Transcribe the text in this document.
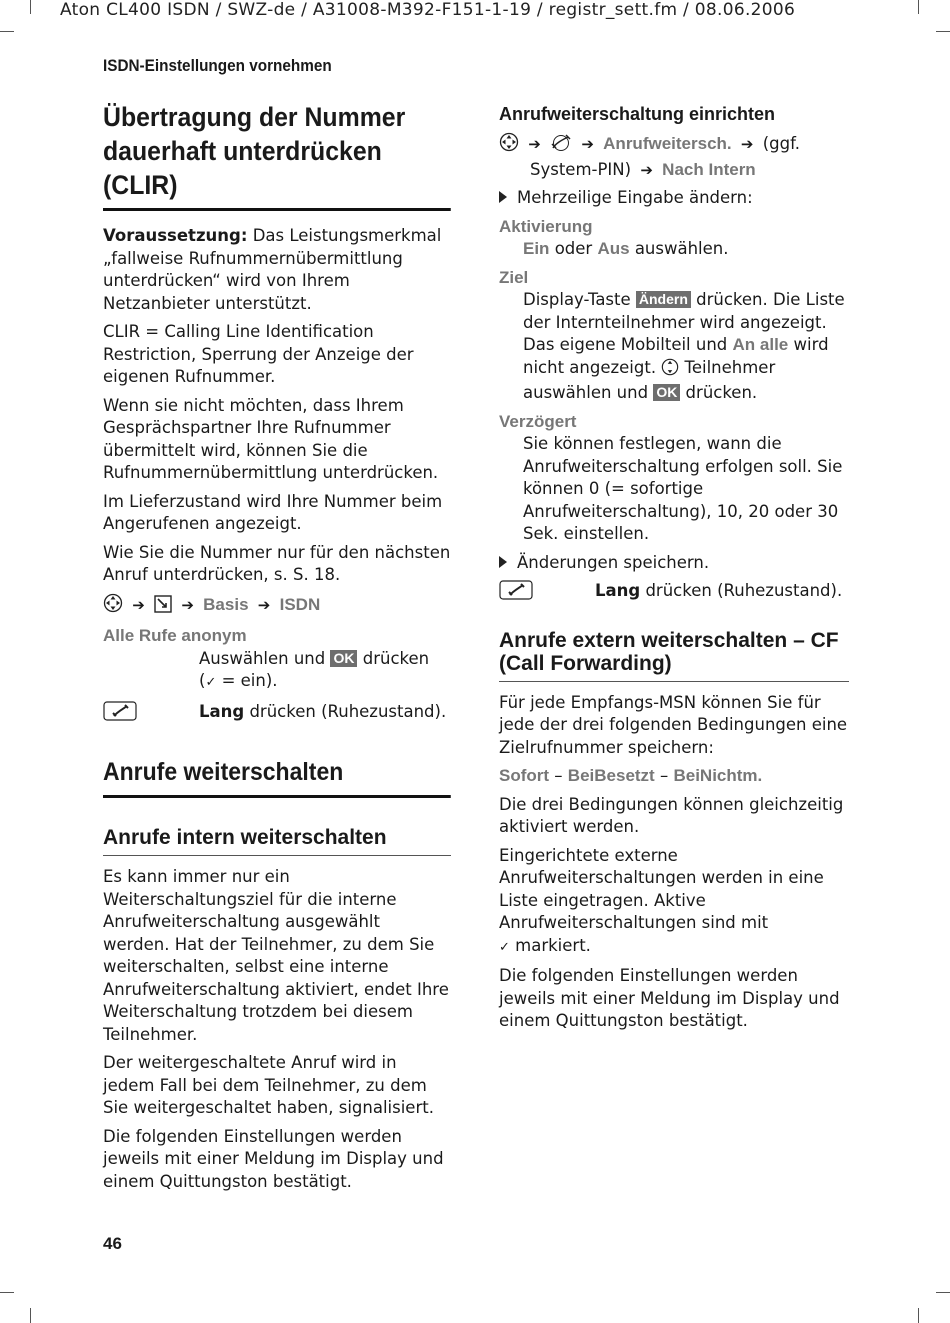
Aton CL400 ISDN / SWZ-de / A31008-M392-F151-1-19 / registr_sett.fm / 08.06.2006
ISDN-Einstellungen vornehmen
46
Übertragung der Nummer
dauerhaft unterdrücken (CLIR)

Voraussetzung: Das Leistungsmerkmal „fallweise Rufnummernübermittlung unterdrücken“ wird von Ihrem Netzanbieter unterstützt.

CLIR = Calling Line Identification Restriction, Sperrung der Anzeige der eigenen Rufnummer.

Wenn sie nicht möchten, dass Ihrem Gesprächspartner Ihre Rufnummer übermittelt wird, können Sie die Rufnummernübermittlung unterdrücken.

Im Lieferzustand wird Ihre Nummer beim Angerufenen angezeigt.

Wie Sie die Nummer nur für den nächsten Anruf unterdrücken, s. S. 18.

➔ ➔ Basis ➔ ISDN

Alle Rufe anonym

Auswählen und OK drücken
(✓ = ein).

Lang drücken (Ruhezustand).
Anrufe weiterschalten
Anrufe intern weiterschalten

Es kann immer nur ein Weiterschaltungsziel für die interne Anrufweiterschaltung ausgewählt werden. Hat der Teilnehmer, zu dem Sie weiterschalten, selbst eine interne Anrufweiterschaltung aktiviert, endet Ihre Weiterschaltung trotzdem bei diesem Teilnehmer.

Der weitergeschaltete Anruf wird in jedem Fall bei dem Teilnehmer, zu dem Sie weitergeschaltet haben, signalisiert.

Die folgenden Einstellungen werden jeweils mit einer Meldung im Display und einem Quittungston bestätigt.

Anrufweiterschaltung einrichten

➔	➔ Anrufweitersch. ➔ (ggf.
System-PIN) ➔ Nach Intern

Mehrzeilige Eingabe ändern:

Aktivierung

Ein oder Aus auswählen.

Ziel

Display-Taste Ändern drücken. Die Liste der Internteilnehmer wird angezeigt. Das eigene Mobilteil und An alle wird nicht angezeigt.  Teilnehmer auswählen und OK drücken.

Verzögert

Sie können festlegen, wann die Anrufweiterschaltung erfolgen soll. Sie können 0 (= sofortige Anrufweiterschaltung), 10, 20 oder 30 Sek. einstellen.

Änderungen speichern.

Lang drücken (Ruhezustand).
Anrufe extern weiterschalten – CF
(Call Forwarding)

Für jede Empfangs-MSN können Sie für jede der drei folgenden Bedingungen eine Zielrufnummer speichern:

Sofort – BeiBesetzt – BeiNichtm.

Die drei Bedingungen können gleichzeitig aktiviert werden.

Eingerichtete externe Anrufweiterschaltungen werden in eine Liste eingetragen. Aktive Anrufweiterschaltungen sind mit
✓ markiert.

Die folgenden Einstellungen werden jeweils mit einer Meldung im Display und einem Quittungston bestätigt.
